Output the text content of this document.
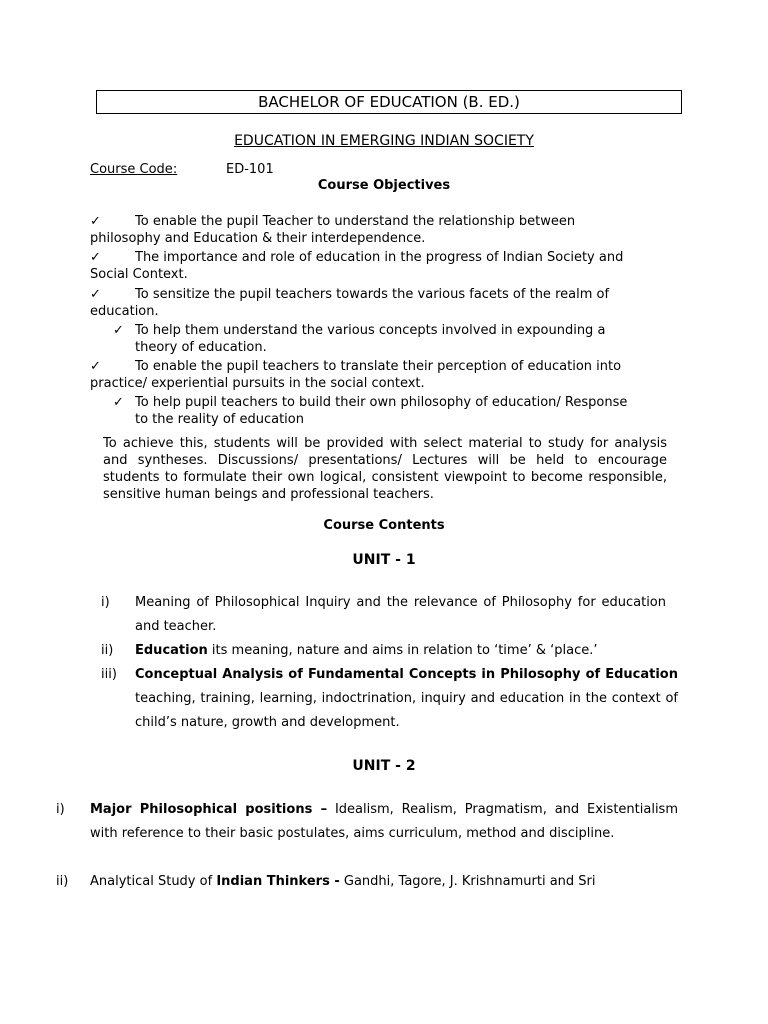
BACHELOR OF EDUCATION (B. ED.)
EDUCATION IN EMERGING INDIAN SOCIETY
Course Code:	ED-101
Course Objectives
✓	To enable the pupil Teacher to understand the relationship between
philosophy and Education & their interdependence.
✓	The importance and role of education in the progress of Indian Society and
Social Context.
✓	To sensitize the pupil teachers towards the various facets of the realm of
education.
✓ To help them understand the various concepts involved in expounding a
theory of education.
✓	To enable the pupil teachers to translate their perception of education into
practice/ experiential pursuits in the social context.
✓ To help pupil teachers to build their own philosophy of education/ Response
to the reality of education
To achieve this, students will be provided with select material to study for analysis and syntheses. Discussions/ presentations/ Lectures will be held to encourage students to formulate their own logical, consistent viewpoint to become responsible, sensitive human beings and professional teachers.
Course Contents
UNIT - 1
i) Meaning of Philosophical Inquiry and the relevance of Philosophy for education and teacher.
ii) Education its meaning, nature and aims in relation to ‘time’ & ‘place.’
iii) Conceptual Analysis of Fundamental Concepts in Philosophy of Education teaching, training, learning, indoctrination, inquiry and education in the context of child’s nature, growth and development.
UNIT - 2
i) Major Philosophical positions – Idealism, Realism, Pragmatism, and Existentialism with reference to their basic postulates, aims curriculum, method and discipline.
ii) Analytical Study of Indian Thinkers - Gandhi, Tagore, J. Krishnamurti and Sri
